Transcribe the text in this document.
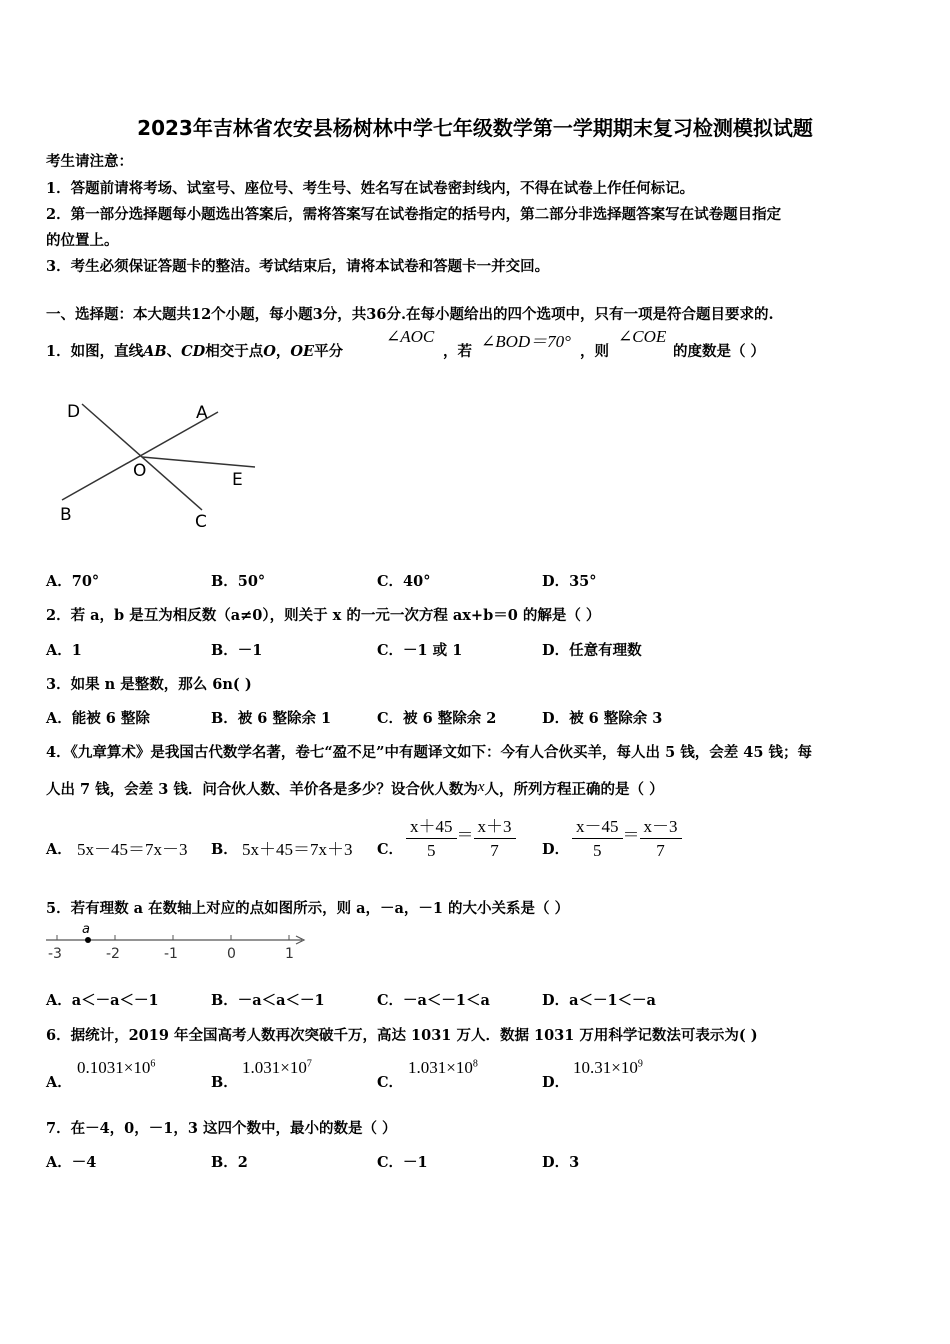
2023年吉林省农安县杨树林中学七年级数学第一学期期末复习检测模拟试题
考生请注意：
1．答题前请将考场、试室号、座位号、考生号、姓名写在试卷密封线内，不得在试卷上作任何标记。
2．第一部分选择题每小题选出答案后，需将答案写在试卷指定的括号内，第二部分非选择题答案写在试卷题目指定
的位置上。
3．考生必须保证答题卡的整洁。考试结束后，请将本试卷和答题卡一并交回。
一、选择题：本大题共12个小题，每小题3分，共36分.在每小题给出的四个选项中，只有一项是符合题目要求的.
1．如图，直线AB、CD相交于点O，OE平分
∠AOC
，若
∠BOD＝70°
，则
∠COE
的度数是（ ）
D	A
O	E
B	C
A．70°	B．50°	C．40°	D．35°
2．若 a，b 是互为相反数（a≠0），则关于 x 的一元一次方程 ax+b＝0 的解是（ ）
A．1	B．－1	C．－1 或 1	D．任意有理数
3．如果 n 是整数，那么 6n( )
A．能被 6 整除	B．被 6 整除余 1	C．被 6 整除余 2	D．被 6 整除余 3
4．《九章算术》是我国古代数学名著，卷七“盈不足”中有题译文如下：今有人合伙买羊，每人出 5 钱，会差 45 钱；每
人出 7 钱，会差 3 钱．问合伙人数、羊价各是多少？设合伙人数为x人，所列方程正确的是（ ）
A． 5x－45＝7x－3 B． 5x＋45＝7x＋3 C． $\frac{x+45}{5} = \frac{x+3}{7}$ D． $\frac{x-45}{5} = \frac{x-3}{7}$
5．若有理数 a 在数轴上对应的点如图所示，则 a，－a，－1 的大小关系是（ ）
a
-3	-2	-1	0	1
A．a＜－a＜－1	B．－a＜a＜－1	C．－a＜－1＜a	D．a＜－1＜－a
6．据统计，2019 年全国高考人数再次突破千万，高达 1031 万人．数据 1031 万用科学记数法可表示为( )
A．
$0.1031\times 10^6$
B．
$1.031\times 10^7$
C．
$1.031\times 10^8$
D．
$10.31\times 10^9$
7．在－4，0，－1，3 这四个数中，最小的数是（ ）
A．－4	B．2	C．－1	D．3
